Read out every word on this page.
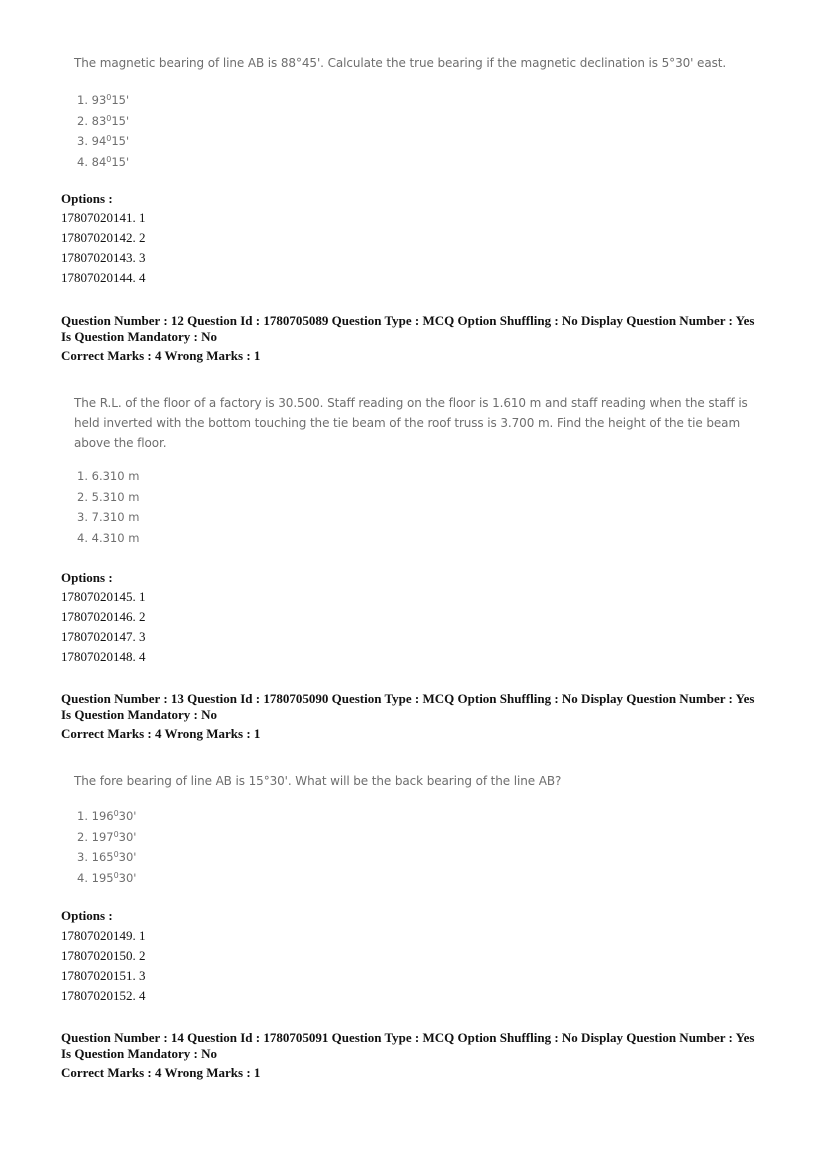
The magnetic bearing of line AB is 88°45'. Calculate the true bearing if the magnetic declination is 5°30' east.
1. $93^015'$
2. $83^015'$
3. $94^015'$
4. $84^015'$
Options :
17807020141. 1
17807020142. 2
17807020143. 3
17807020144. 4
Question Number : 12 Question Id : 1780705089 Question Type : MCQ Option Shuffling : No Display Question Number : Yes
Is Question Mandatory : No
Correct Marks : 4 Wrong Marks : 1
The R.L. of the floor of a factory is 30.500. Staff reading on the floor is 1.610 m and staff reading when the staff is held inverted with the bottom touching the tie beam of the roof truss is 3.700 m. Find the height of the tie beam above the floor.
1. 6.310 m
2. 5.310 m
3. 7.310 m
4. 4.310 m
Options :
17807020145. 1
17807020146. 2
17807020147. 3
17807020148. 4
Question Number : 13 Question Id : 1780705090 Question Type : MCQ Option Shuffling : No Display Question Number : Yes
Is Question Mandatory : No
Correct Marks : 4 Wrong Marks : 1
The fore bearing of line AB is 15°30'. What will be the back bearing of the line AB?
1. $196^030'$
2. $197^030'$
3. $165^030'$
4. $195^030'$
Options :
17807020149. 1
17807020150. 2
17807020151. 3
17807020152. 4
Question Number : 14 Question Id : 1780705091 Question Type : MCQ Option Shuffling : No Display Question Number : Yes
Is Question Mandatory : No
Correct Marks : 4 Wrong Marks : 1
